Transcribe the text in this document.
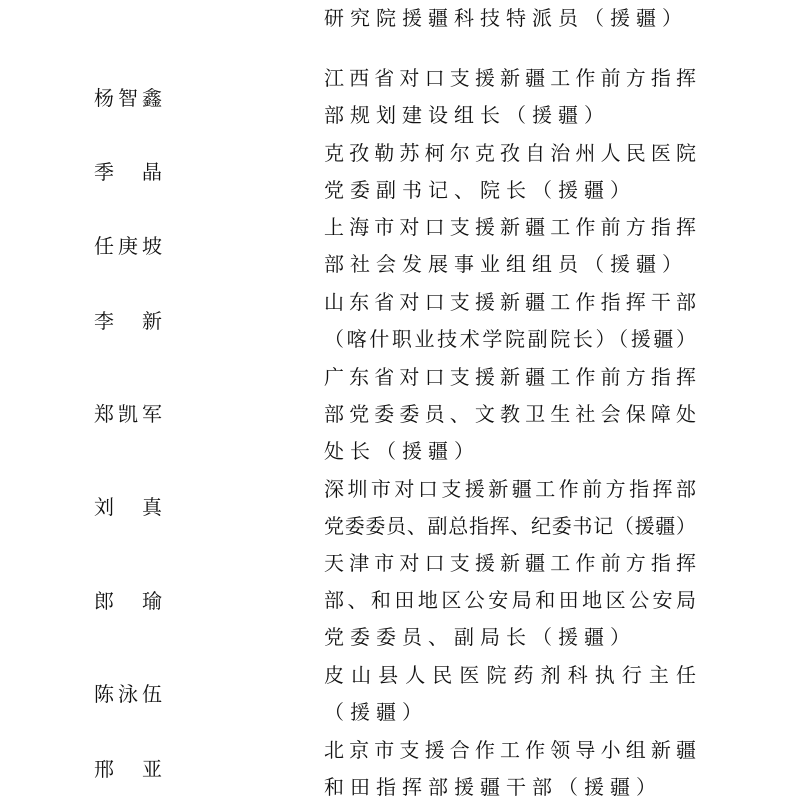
研究院援疆科技特派员（援疆）
杨智鑫
江西省对口支援新疆工作前方指挥
部规划建设组长（援疆）
季 晶
克孜勒苏柯尔克孜自治州人民医院
党委副书记、院长（援疆）
任庚坡
上海市对口支援新疆工作前方指挥
部社会发展事业组组员（援疆）
李 新
山东省对口支援新疆工作指挥干部
（喀什职业技术学院副院长）（援疆）
郑凯军
广东省对口支援新疆工作前方指挥
部党委委员、文教卫生社会保障处
处长（援疆）
刘 真
深圳市对口支援新疆工作前方指挥部
党委委员、副总指挥、纪委书记（援疆）
郎 瑜
天津市对口支援新疆工作前方指挥
部、和田地区公安局和田地区公安局
党委委员、副局长（援疆）
陈泳伍
皮山县人民医院药剂科执行主任
（援疆）
邢 亚
北京市支援合作工作领导小组新疆
和田指挥部援疆干部（援疆）
